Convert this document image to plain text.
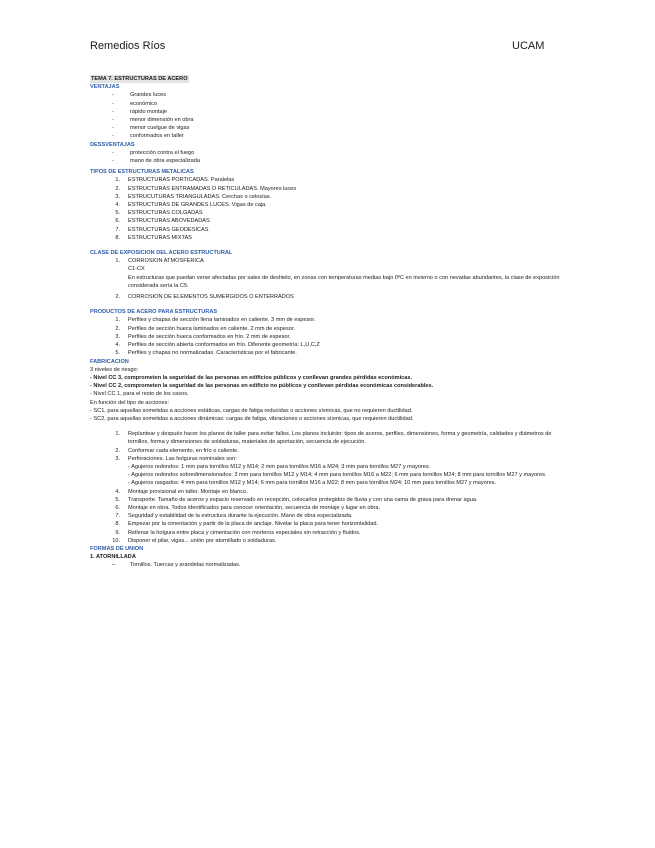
Remedios Ríos	UCAM
TEMA 7. ESTRUCTURAS DE ACERO
VENTAJAS
-	Grandes luces
-	económico
-	rápido montaje
-	menor dimensión en obra
-	menor cuelgue de vigas
-	conformados en taller
DESSVENTAJAS
-	protección contra el fuego
-	mano de obra especializada
TIPOS DE ESTRUCTURAS METALICAS
1.	ESTRUCTURAS PORTICADAS. Paralelas
2.	ESTRUCTURAS ENTRAMADAS O RETICULADAS. Mayores luces
3.	ESTRUCUTURAS TRIANGULADAS. Cerchas o celosías.
4.	ESTRUCTURAS DE GRANDES LUCES. Vigas de caja.
5.	ESTRUCTURAS COLGADAS
6.	ESTRUCTURAS ABOVEDADAS
7.	ESTRUCTURAS GEODESICAS
8.	ESTRUCTURAS MIXTAS
CLASE DE EXPOSICION DEL ACERO ESTRUCTURAL
1.	CORROSION ATMOSFERICA
C1-CX
En estructuras que puedan verse afectadas por sales de deshielo, en zonas con temperaturas medias bajo 0ºC en invierno o con nevadas abundantes, la clase de exposición considerada sería la C5.
2.	CORROSION DE ELEMENTOS SUMERGIDOS O ENTERRADOS
PRODUCTOS DE ACERO PARA ESTRUCTURAS
1.	Perfiles y chapas de sección llena laminados en caliente. 3 mm de espesor.
2.	Perfiles de sección hueca laminados en caliente. 2 mm de espesor.
3.	Perfiles de sección hueca conformados en frío. 2 mm de espesor.
4.	Perfiles de sección abierta conformados en frío. Diferente geometría: L,U,C,Z
5.	Perfiles y chapas no normalizadas. Características por el fabricante.
FABRICACION
3 niveles de riesgo:
- Nivel CC 3, comprometen la seguridad de las personas en edificios públicos y conllevan grandes pérdidas económicas.
- Nivel CC 2, comprometen la seguridad de las personas en edificio no públicos y conllevan pérdidas económicas considerables.
- Nivel CC 1, para el resto de los casos.
En función del tipo de acciones:
- SC1, para aquellas sometidas a acciones estáticas, cargas de fatiga reducidas o acciones sísmicas, que no requieren ductilidad.
- SC2, para aquellas sometidas a acciones dinámicas: cargas de fatiga, vibraciones o acciones sísmicas, que requieren ductilidad.
1.	Replantear y después hacer los planos de taller para evitar fallos. Los planos incluirán: tipos de aceros, perfiles, dimensiones, forma y geometría, calidades y diámetros de tornillos, forma y dimensiones de soldaduras, materiales de aportación, secuencia de ejecución.
2.	Conformar cada elemento, en frío o caliente.
3.	Perforaciones. Las holguras nominales son:
- Agujeros redondos: 1 mm para tornillos M12 y M14; 2 mm para tornillos M16 a M24; 3 mm para tornillos M27 y mayores.
- Agujeros redondos sobredimensionados: 3 mm para tornillos M12 y M14; 4 mm para tornillos M16 a M22; 6 mm para tornillos M24; 8 mm para tornillos M27 y mayores.
- Agujeros rasgados: 4 mm para tornillos M12 y M14; 6 mm para tornillos M16 a M22; 8 mm para tornillos M24; 10 mm para tornillos M27 y mayores.
4.	Montaje provisional en taller. Montaje en blanco.
5.	Transporte. Tamaño de aceros y espacio reservado en recepción, colocarlos protegidos de lluvia y con una cama de grava para drenar agua.
6.	Montaje en obra. Todos identificados para conocer orientación, secuencia de montaje y lugar en obra.
7.	Seguridad y estabilidad de la estructura durante la ejecución. Mano de obra especializada.
8.	Empezar por la cimentación y partir de la placa de anclaje. Nivelar la placa para tener horizontalidad.
9.	Rellenar la holgura entre placa y cimentación con morteros especiales sin retracción y fluidos.
10.	Disponer el pilar, vigas... unión por atornillado o soldaduras.
FORMAS DE UNION
1. ATORNILLADA
–	Tornillos. Tuercas y arandelas normalizadas.
